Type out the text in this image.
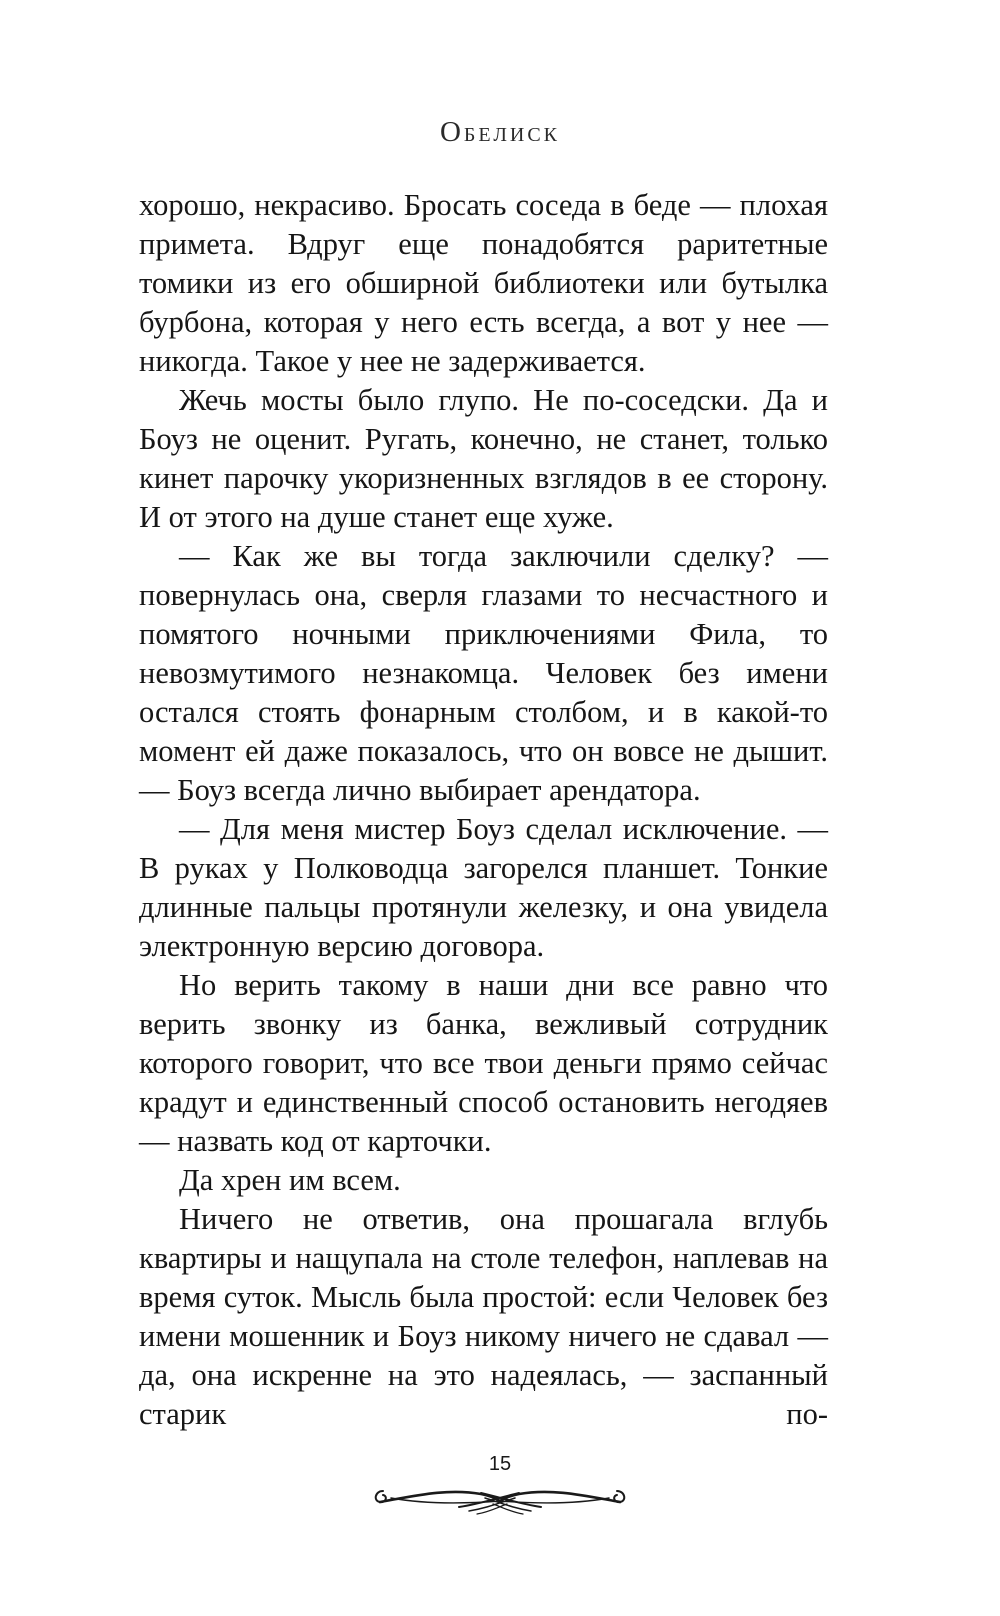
Обелиск

хорошо, некрасиво. Бросать соседа в беде — плохая примета. Вдруг еще понадобятся раритетные томики из его обширной библиотеки или бутылка бурбона, которая у него есть всегда, а вот у нее — никогда. Такое у нее не задерживается.

Жечь мосты было глупо. Не по-соседски. Да и Боуз не оценит. Ругать, конечно, не станет, только кинет парочку укоризненных взглядов в ее сторону. И от этого на душе станет еще хуже.

— Как же вы тогда заключили сделку? — повернулась она, сверля глазами то несчастного и помятого ночными приключениями Фила, то невозмутимого незнакомца. Человек без имени остался стоять фонарным столбом, и в какой-то момент ей даже показалось, что он вовсе не дышит. — Боуз всегда лично выбирает арендатора.

— Для меня мистер Боуз сделал исключение. — В руках у Полководца загорелся планшет. Тонкие длинные пальцы протянули железку, и она увидела электронную версию договора.

Но верить такому в наши дни все равно что верить звонку из банка, вежливый сотрудник которого говорит, что все твои деньги прямо сейчас крадут и единственный способ остановить негодяев — назвать код от карточки.

Да хрен им всем.

Ничего не ответив, она прошагала вглубь квартиры и нащупала на столе телефон, наплевав на время суток. Мысль была простой: если Человек без имени мошенник и Боуз никому ничего не сдавал — да, она искренне на это надеялась, — заспанный старик по-

15
